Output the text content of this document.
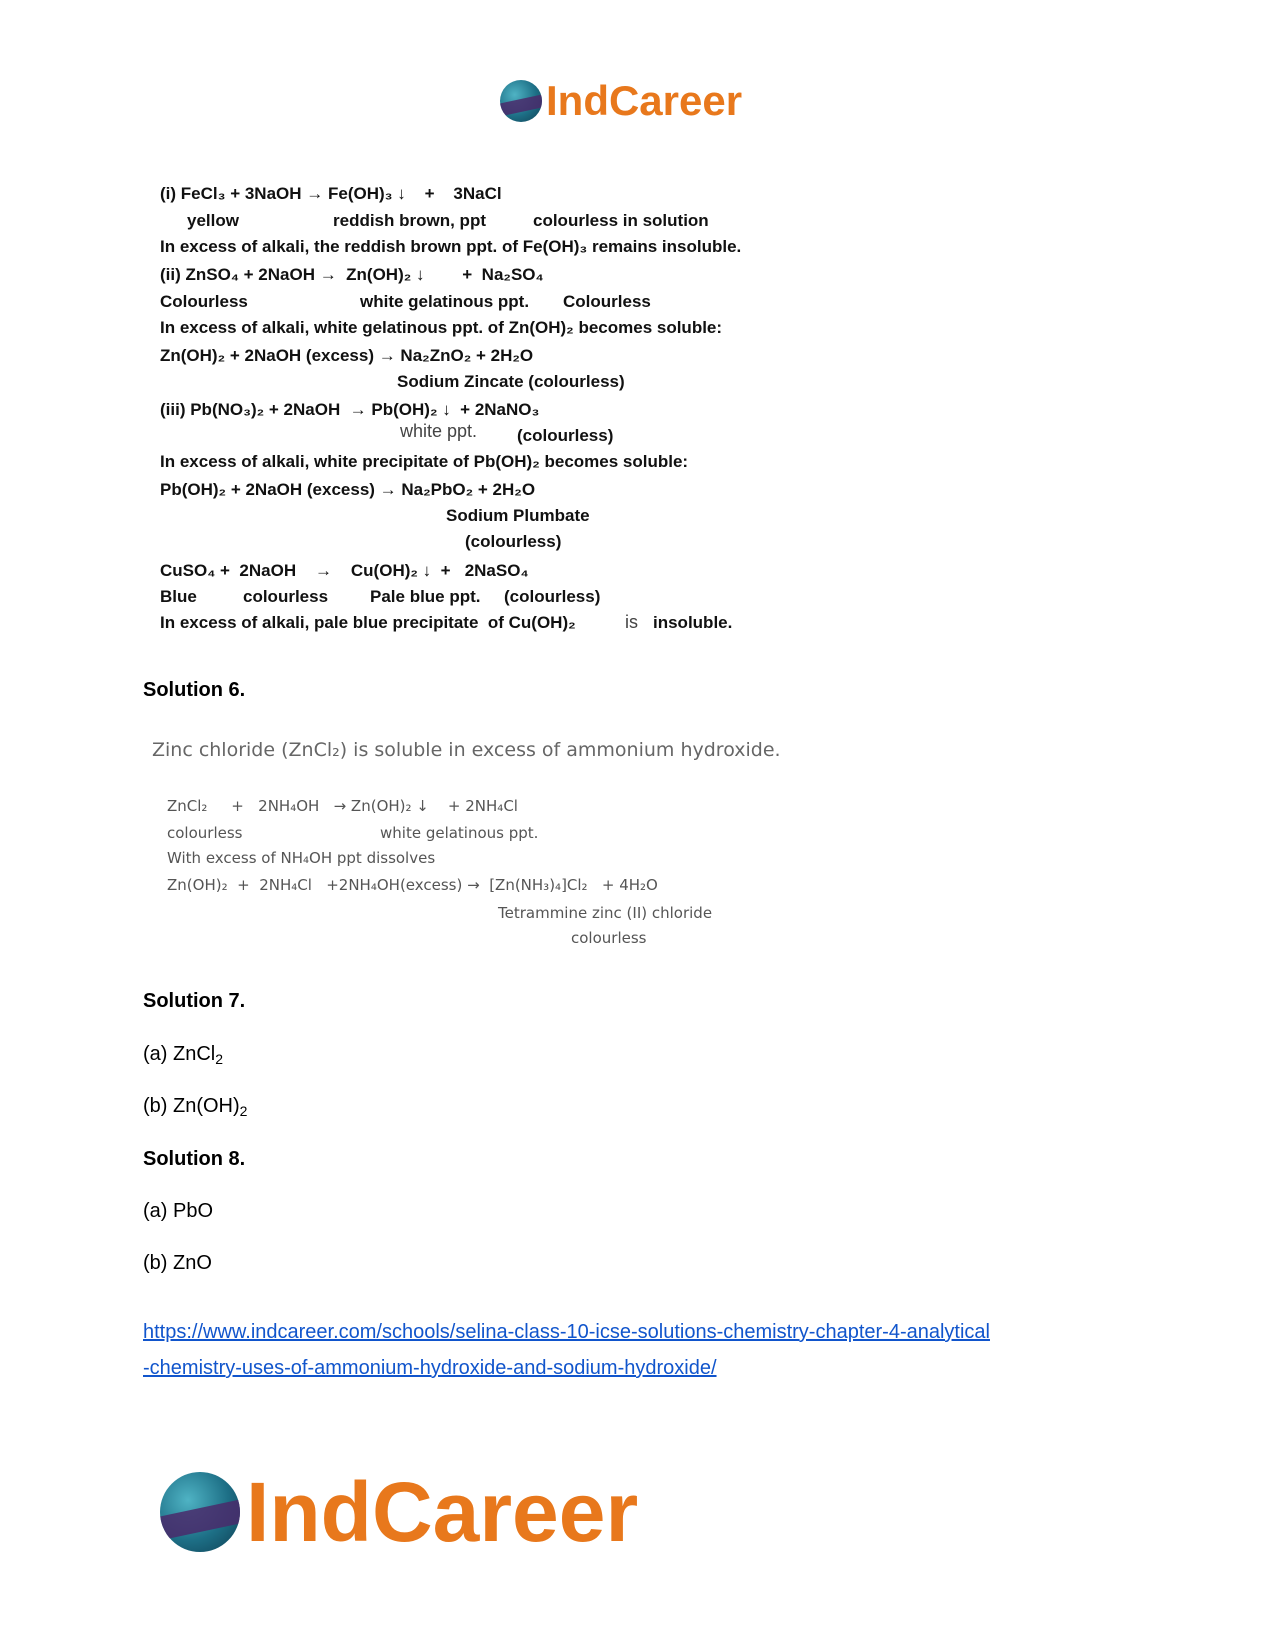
IndCareer
(i) FeCl₃ + 3NaOH → Fe(OH)₃ ↓    +    3NaCl
yellow	reddish brown, ppt	colourless in solution
In excess of alkali, the reddish brown ppt. of Fe(OH)₃ remains insoluble.
(ii) ZnSO₄ + 2NaOH →  Zn(OH)₂ ↓        +  Na₂SO₄
Colourless	white gelatinous ppt. Colourless
In excess of alkali, white gelatinous ppt. of Zn(OH)₂ becomes soluble:
Zn(OH)₂ + 2NaOH (excess) → Na₂ZnO₂ + 2H₂O
Sodium Zincate (colourless)
(iii) Pb(NO₃)₂ + 2NaOH  → Pb(OH)₂ ↓  + 2NaNO₃
white ppt. (colourless)
In excess of alkali, white precipitate of Pb(OH)₂ becomes soluble:
Pb(OH)₂ + 2NaOH (excess) → Na₂PbO₂ + 2H₂O
Sodium Plumbate
(colourless)
CuSO₄ +  2NaOH    →    Cu(OH)₂ ↓  +   2NaSO₄
Blue	colourless Pale blue ppt. (colourless)
In excess of alkali, pale blue precipitate  of Cu(OH)₂	is insoluble.
Solution 6.
Zinc chloride (ZnCl₂) is soluble in excess of ammonium hydroxide.
ZnCl₂     +   2NH₄OH   → Zn(OH)₂ ↓    + 2NH₄Cl
colourless	white gelatinous ppt.
With excess of NH₄OH ppt dissolves
Zn(OH)₂  +  2NH₄Cl   +2NH₄OH(excess) →  [Zn(NH₃)₄]Cl₂   + 4H₂O
Tetrammine zinc (II) chloride
colourless
Solution 7.
(a) ZnCl$_2$
(b) $Zn(OH)_2$
Solution 8.
(a) PbO
(b) ZnO
https://www.indcareer.com/schools/selina-class-10-icse-solutions-chemistry-chapter-4-analytical
-chemistry-uses-of-ammonium-hydroxide-and-sodium-hydroxide/
IndCareer
